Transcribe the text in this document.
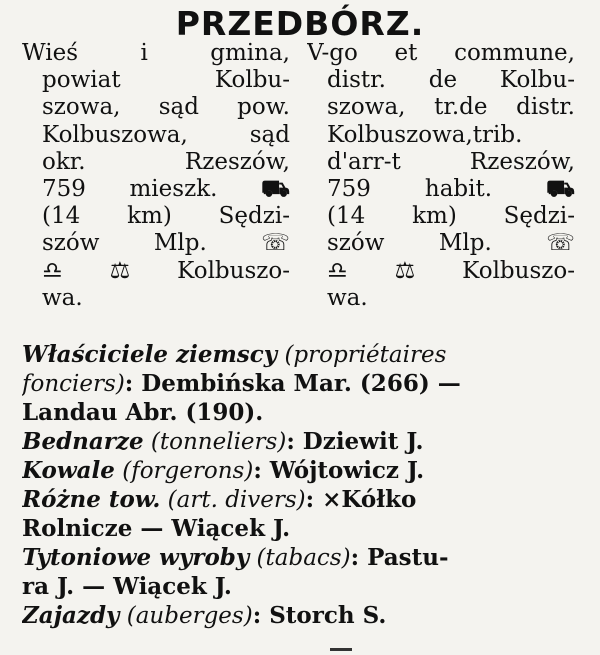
PRZEDBÓRZ.
Wieś	i	gmina,
powiat	Kolbu-
szowa, sąd pow.
Kolbuszowa,	sąd
okr.	Rzeszów,
759 mieszk. ⛟
(14 km) Sędzi-
szów Mlp. ☏
♎ ⚖ Kolbuszo-
wa.
V-go et commune,
distr. de Kolbu-
szowa, tr.de distr.
Kolbuszowa,trib.
d'arr-t	Rzeszów,
759 habit. ⛟
(14 km) Sędzi-
szów Mlp. ☏
♎ ⚖ Kolbuszo-
wa.
Właściciele ziemscy (propriétaires
fonciers): Dembińska Mar. (266) —
Landau Abr. (190).
Bednarze (tonneliers): Dziewit J.
Kowale (forgerons): Wójtowicz J.
Różne tow. (art. divers): ×Kółko
Rolnicze — Wiącek J.
Tytoniowe wyroby (tabacs): Pastu-
ra J. — Wiącek J.
Zajazdy (auberges): Storch S.
